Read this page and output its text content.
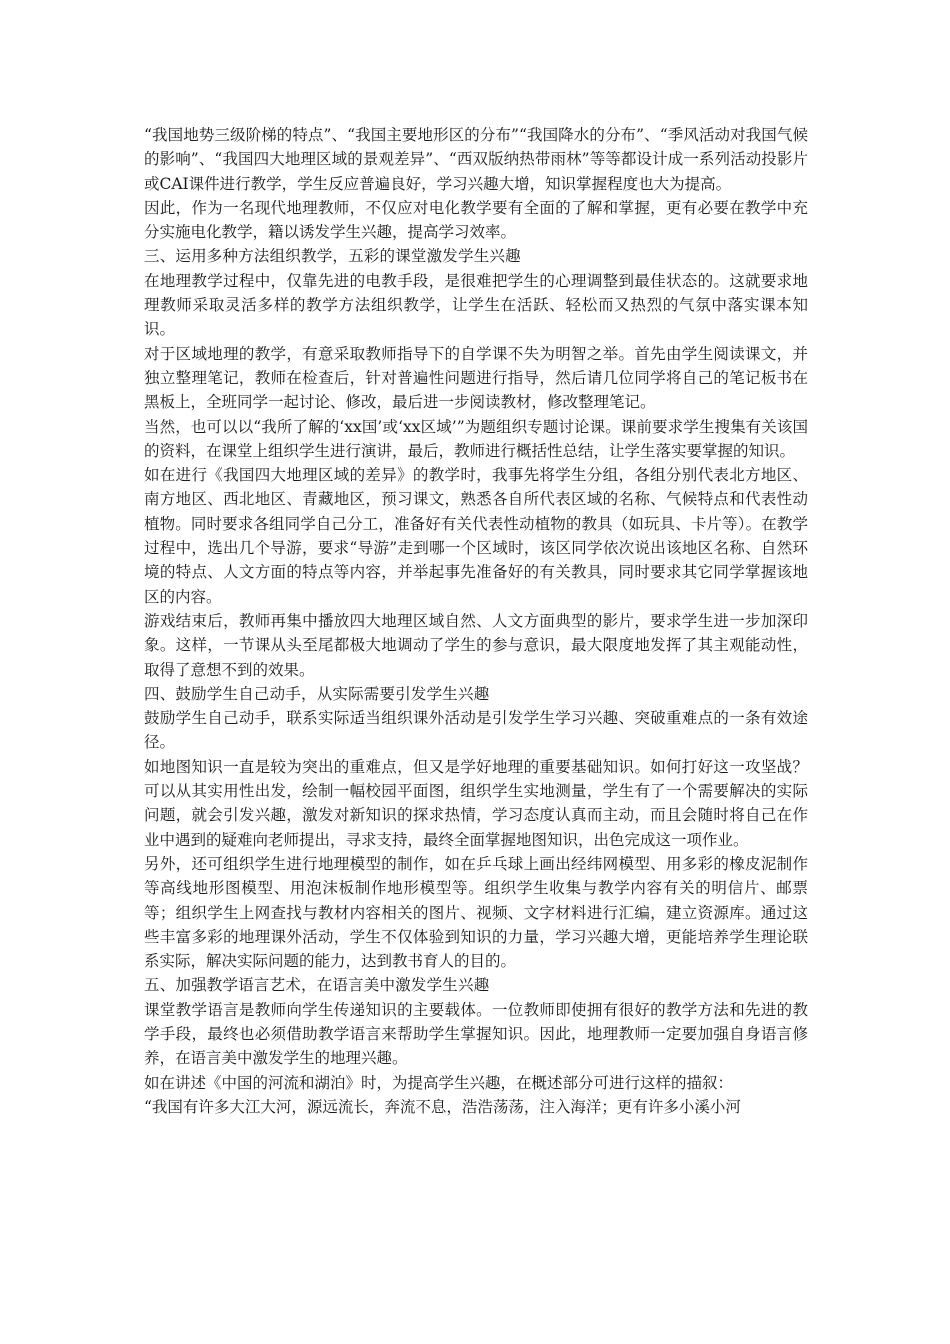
“我国地势三级阶梯的特点”、“我国主要地形区的分布”“我国降水的分布”、“季风活动对我国气候的影响”、“我国四大地理区域的景观差异”、“西双版纳热带雨林”等等都设计成一系列活动投影片或CAI课件进行教学，学生反应普遍良好，学习兴趣大增，知识掌握程度也大为提高。

因此，作为一名现代地理教师，不仅应对电化教学要有全面的了解和掌握，更有必要在教学中充分实施电化教学，籍以诱发学生兴趣，提高学习效率。

三、运用多种方法组织教学，五彩的课堂激发学生兴趣

在地理教学过程中，仅靠先进的电教手段，是很难把学生的心理调整到最佳状态的。这就要求地理教师采取灵活多样的教学方法组织教学，让学生在活跃、轻松而又热烈的气氛中落实课本知识。

对于区域地理的教学，有意采取教师指导下的自学课不失为明智之举。首先由学生阅读课文，并独立整理笔记，教师在检查后，针对普遍性问题进行指导，然后请几位同学将自己的笔记板书在黑板上，全班同学一起讨论、修改，最后进一步阅读教材，修改整理笔记。

当然，也可以以“我所了解的‘xx国’或‘xx区域’”为题组织专题讨论课。课前要求学生搜集有关该国的资料，在课堂上组织学生进行演讲，最后，教师进行概括性总结，让学生落实要掌握的知识。

如在进行《我国四大地理区域的差异》的教学时，我事先将学生分组，各组分别代表北方地区、南方地区、西北地区、青藏地区，预习课文，熟悉各自所代表区域的名称、气候特点和代表性动植物。同时要求各组同学自己分工，准备好有关代表性动植物的教具（如玩具、卡片等）。在教学过程中，选出几个导游，要求“导游”走到哪一个区域时，该区同学依次说出该地区名称、自然环境的特点、人文方面的特点等内容，并举起事先准备好的有关教具，同时要求其它同学掌握该地区的内容。

游戏结束后，教师再集中播放四大地理区域自然、人文方面典型的影片，要求学生进一步加深印象。这样，一节课从头至尾都极大地调动了学生的参与意识，最大限度地发挥了其主观能动性，取得了意想不到的效果。

四、鼓励学生自己动手，从实际需要引发学生兴趣

鼓励学生自己动手，联系实际适当组织课外活动是引发学生学习兴趣、突破重难点的一条有效途径。

如地图知识一直是较为突出的重难点，但又是学好地理的重要基础知识。如何打好这一攻坚战？可以从其实用性出发，绘制一幅校园平面图，组织学生实地测量，学生有了一个需要解决的实际问题，就会引发兴趣，激发对新知识的探求热情，学习态度认真而主动，而且会随时将自己在作业中遇到的疑难向老师提出，寻求支持，最终全面掌握地图知识，出色完成这一项作业。

另外，还可组织学生进行地理模型的制作，如在乒乓球上画出经纬网模型、用多彩的橡皮泥制作等高线地形图模型、用泡沫板制作地形模型等。组织学生收集与教学内容有关的明信片、邮票等；组织学生上网查找与教材内容相关的图片、视频、文字材料进行汇编，建立资源库。通过这些丰富多彩的地理课外活动，学生不仅体验到知识的力量，学习兴趣大增，更能培养学生理论联系实际，解决实际问题的能力，达到教书育人的目的。

五、加强教学语言艺术，在语言美中激发学生兴趣

课堂教学语言是教师向学生传递知识的主要载体。一位教师即使拥有很好的教学方法和先进的教学手段，最终也必须借助教学语言来帮助学生掌握知识。因此，地理教师一定要加强自身语言修养，在语言美中激发学生的地理兴趣。

如在讲述《中国的河流和湖泊》时，为提高学生兴趣，在概述部分可进行这样的描叙：

“我国有许多大江大河，源远流长，奔流不息，浩浩荡荡，注入海洋；更有许多小溪小河
